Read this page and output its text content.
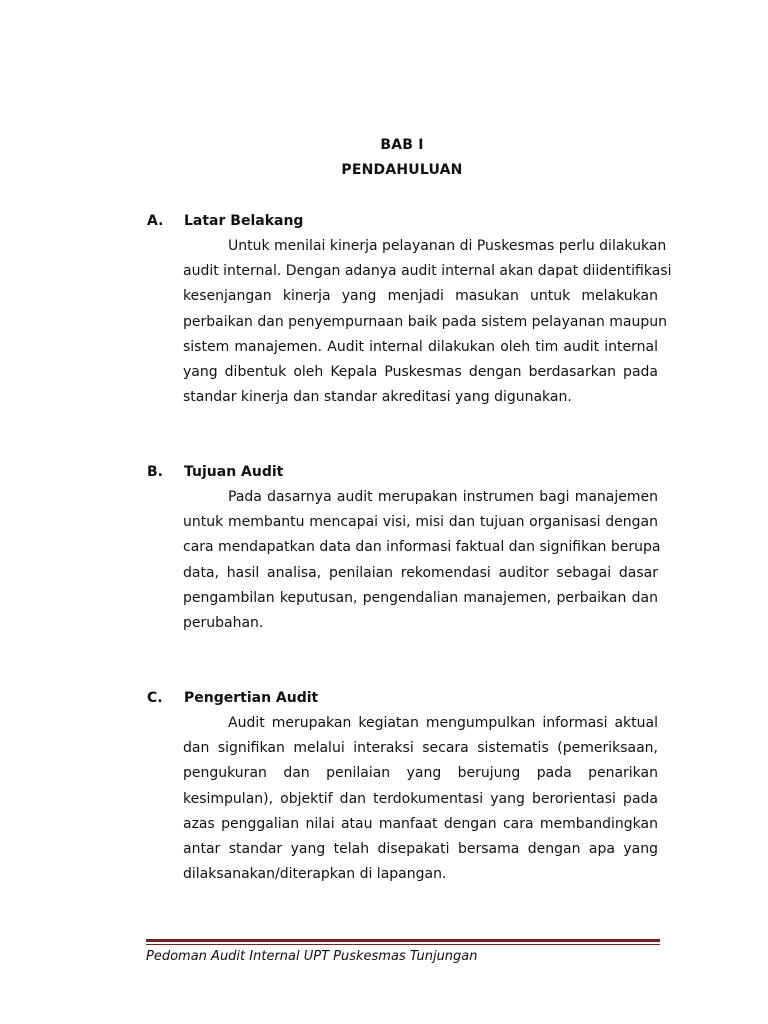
BAB I
PENDAHULUAN
A. Latar Belakang
Untuk menilai kinerja pelayanan di Puskesmas perlu dilakukan
audit internal. Dengan adanya audit internal akan dapat diidentifikasi
kesenjangan kinerja yang menjadi masukan untuk melakukan
perbaikan dan penyempurnaan baik pada sistem pelayanan maupun
sistem manajemen. Audit internal dilakukan oleh tim audit internal
yang dibentuk oleh Kepala Puskesmas dengan berdasarkan pada
standar kinerja dan standar akreditasi yang digunakan.
B. Tujuan Audit
Pada dasarnya audit merupakan instrumen bagi manajemen
untuk membantu mencapai visi, misi dan tujuan organisasi dengan
cara mendapatkan data dan informasi faktual dan signifikan berupa
data, hasil analisa, penilaian rekomendasi auditor sebagai dasar
pengambilan keputusan, pengendalian manajemen, perbaikan dan
perubahan.
C. Pengertian Audit
Audit merupakan kegiatan mengumpulkan informasi aktual
dan signifikan melalui interaksi secara sistematis (pemeriksaan,
pengukuran dan penilaian yang berujung pada penarikan
kesimpulan), objektif dan terdokumentasi yang berorientasi pada
azas penggalian nilai atau manfaat dengan cara membandingkan
antar standar yang telah disepakati bersama dengan apa yang
dilaksanakan/diterapkan di lapangan.
Pedoman Audit Internal UPT Puskesmas Tunjungan
